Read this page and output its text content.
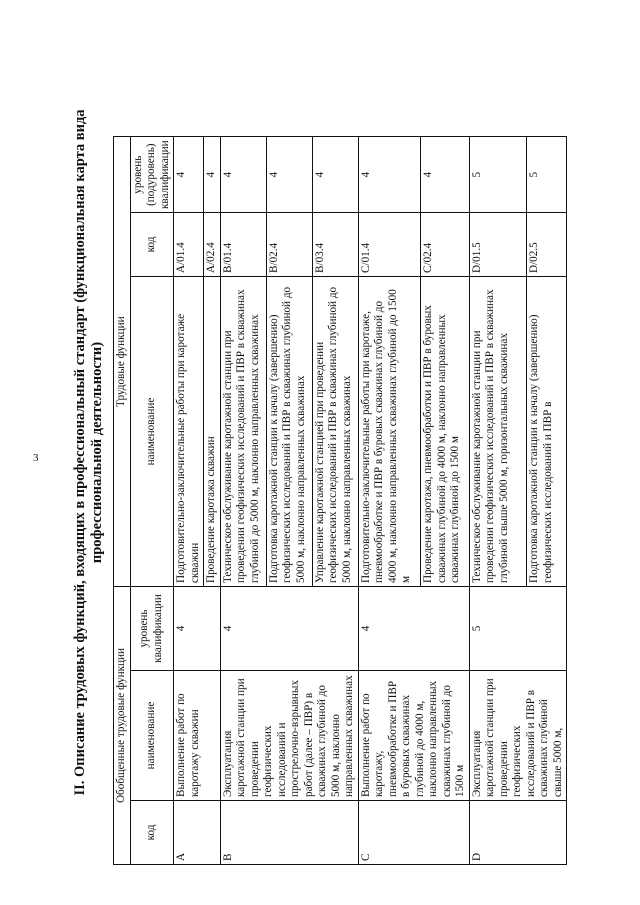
3 II. Описание трудовых функций, входящих в профессиональный стандарт (функциональная карта вида профессиональной деятельности)
Обобщенные трудовые функции			Трудовые функции		
код	наименование	уровень квалификации	наименование	код	уровень (подуровень) квалификации
A	Выполнение работ по каротажу скважин	4	Подготовительно-заключительные работы при каротаже скважин	A/01.4	4
			Проведение каротажа скважин	A/02.4	4
B	Эксплуатация каротажной станции при проведении геофизических исследований и прострелочно-взрывных работ (далее – ПВР) в скважинах глубиной до 5000 м, наклонно направленных скважинах	4	Техническое обслуживание каротажной станции при проведении геофизических исследований и ПВР в скважинах глубиной до 5000 м, наклонно направленных скважинах	B/01.4	4
			Подготовка каротажной станции к началу (завершению) геофизических исследований и ПВР в скважинах глубиной до 5000 м, наклонно направленных скважинах	B/02.4	4
			Управление каротажной станцией при проведении геофизических исследований и ПВР в скважинах глубиной до 5000 м, наклонно направленных скважинах	B/03.4	4
C	Выполнение работ по каротажу, пневмообработке и ПВР в буровых скважинах глубиной до 4000 м, наклонно направленных скважинах глубиной до 1500 м	4	Подготовительно-заключительные работы при каротаже, пневмообработке и ПВР в буровых скважинах глубиной до 4000 м, наклонно направленных скважинах глубиной до 1500 м	C/01.4	4
			Проведение каротажа, пневмообработки и ПВР в буровых скважинах глубиной до 4000 м, наклонно направленных скважинах глубиной до 1500 м	C/02.4	4
D	Эксплуатация каротажной станции при проведении геофизических исследований и ПВР в скважинах глубиной свыше 5000 м,	5	Техническое обслуживание каротажной станции при проведении геофизических исследований и ПВР в скважинах глубиной свыше 5000 м, горизонтальных скважинах	D/01.5	5
			Подготовка каротажной станции к началу (завершению) геофизических исследований и ПВР в	D/02.5	5
